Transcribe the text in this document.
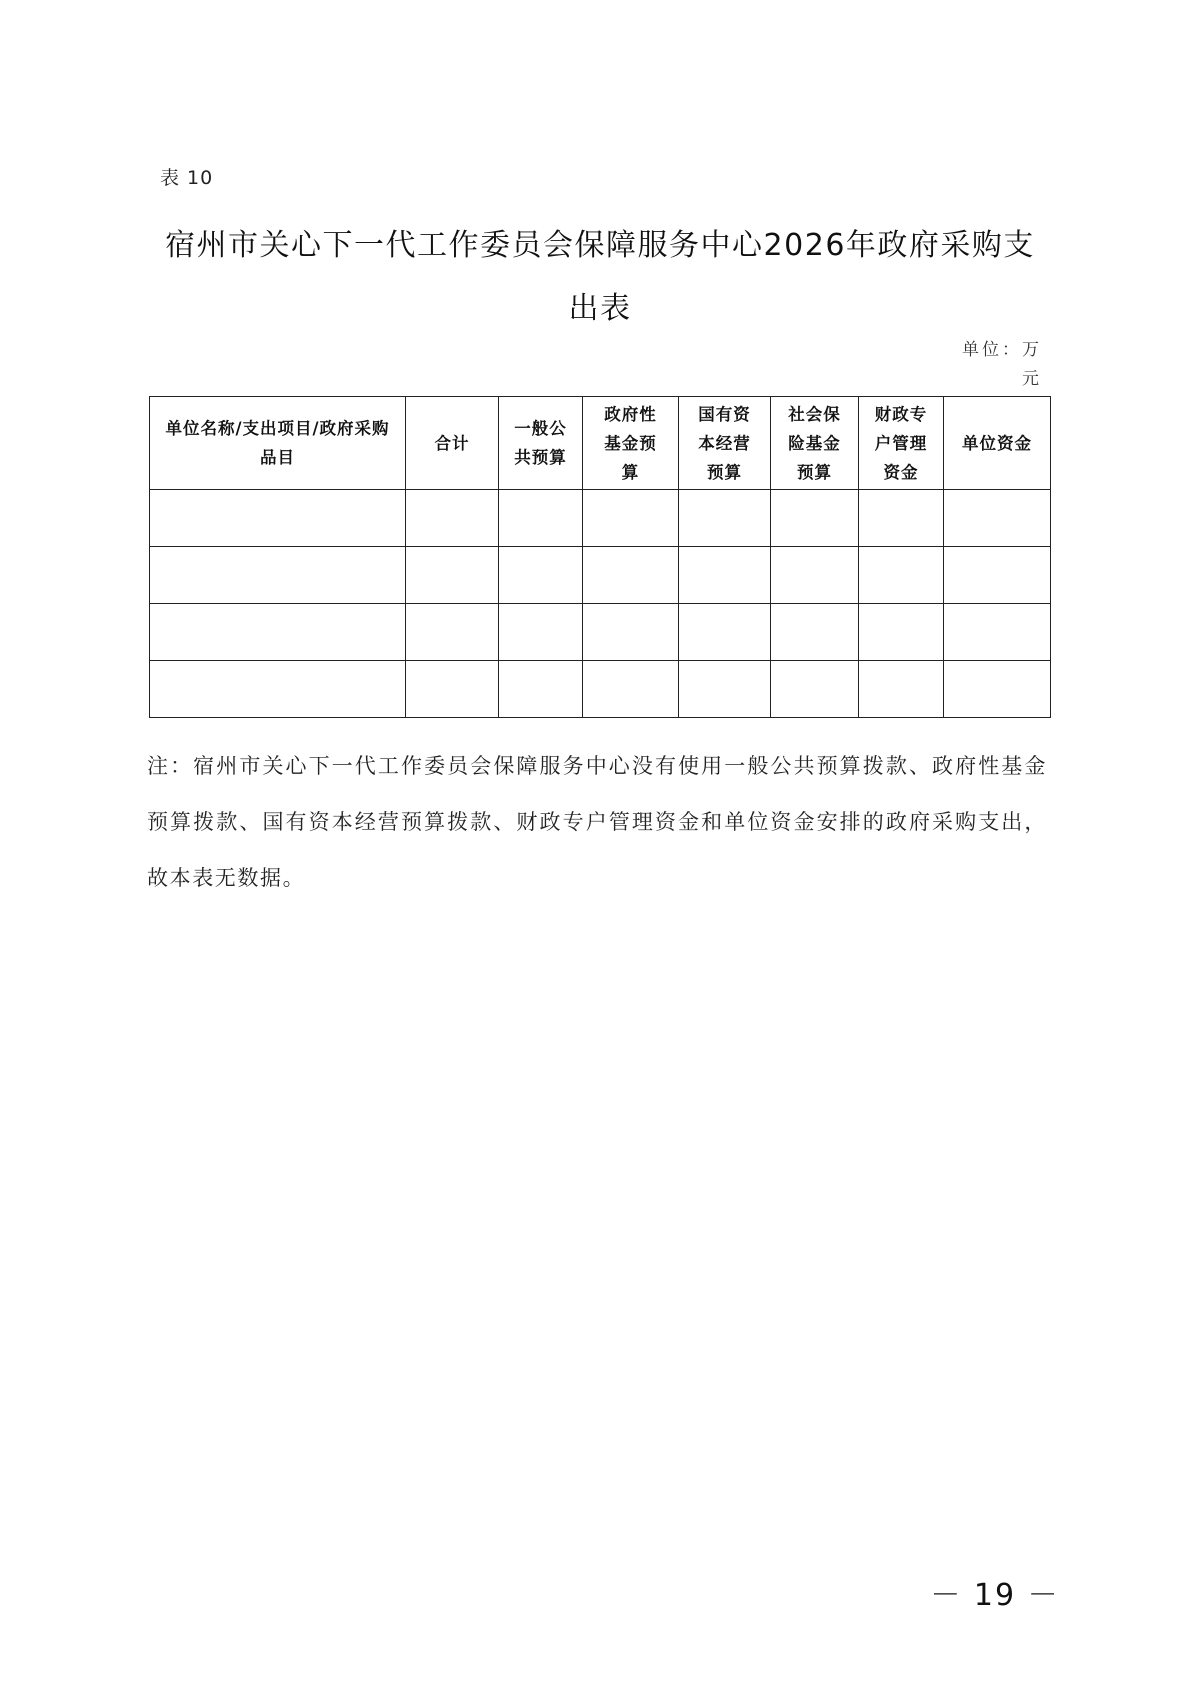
表 10
宿州市关心下一代工作委员会保障服务中心2026年政府采购支
出表
单位：万
元
单位名称/支出项目/政府采购品目	合计	一般公共预算	政府性基金预算	国有资本经营预算	社会保险基金预算	财政专户管理资金	单位资金

注：宿州市关心下一代工作委员会保障服务中心没有使用一般公共预算拨款、政府性基金预算拨款、国有资本经营预算拨款、财政专户管理资金和单位资金安排的政府采购支出，故本表无数据。

－ 19 －
